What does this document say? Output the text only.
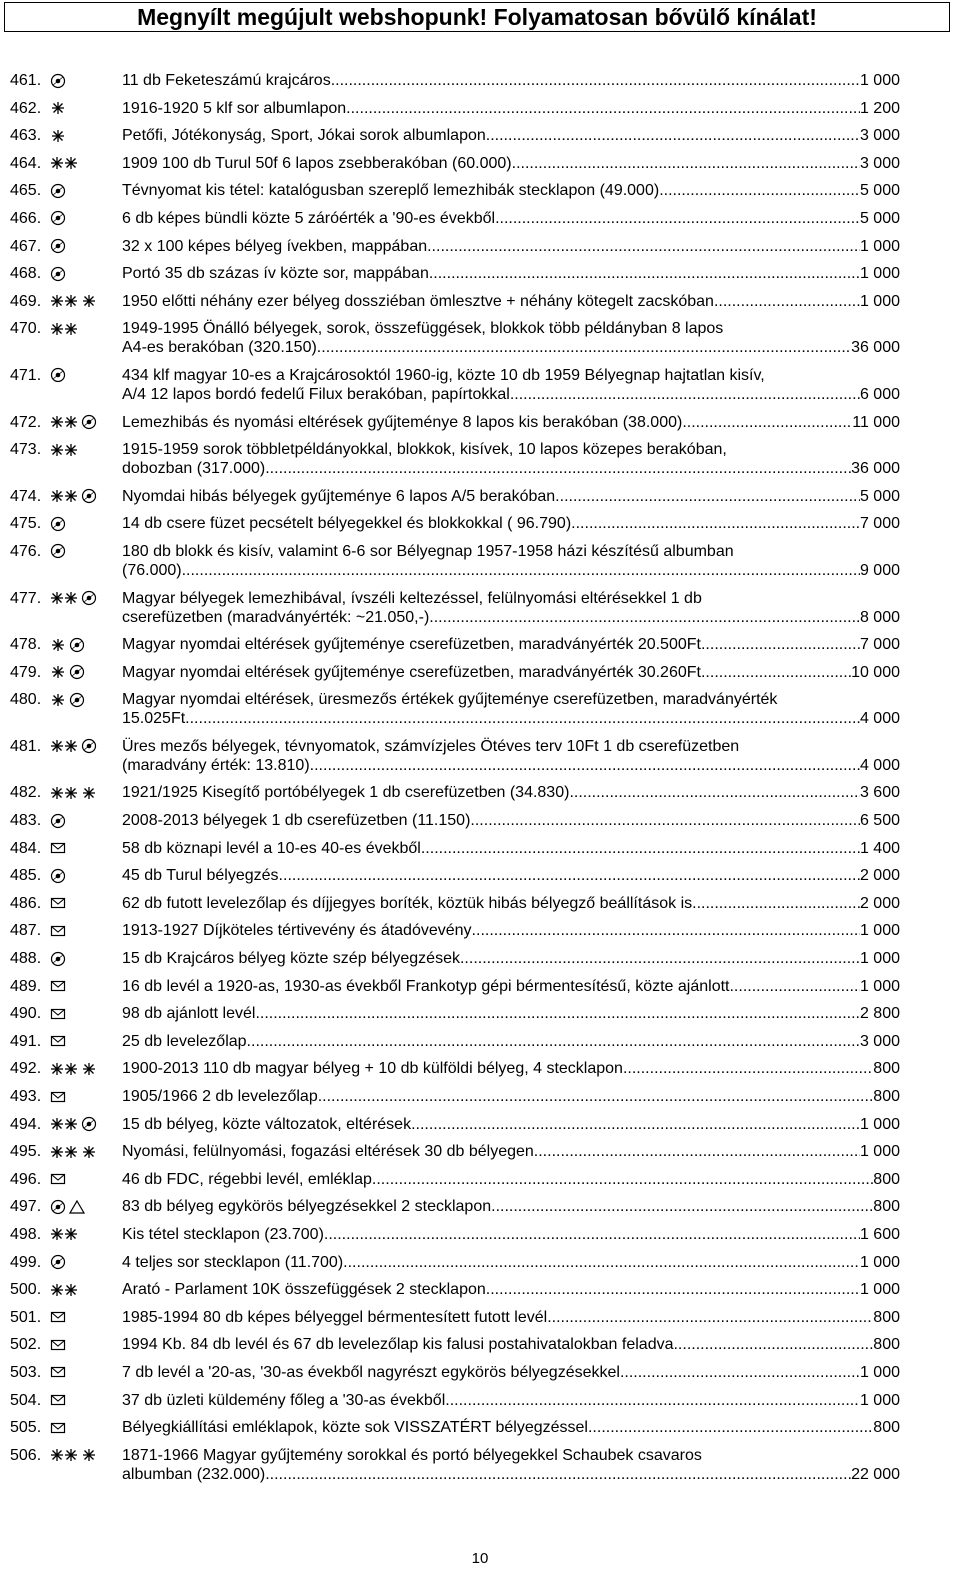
Megnyílt megújult webshopunk! Folyamatosan bővülő kínálat!
461.	11 db Feketeszámú krajcáros .....	1 000
462.	1916-1920 5 klf sor albumlapon .....	1 200
463.	Petőfi, Jótékonyság, Sport, Jókai sorok albumlapon .....	3 000
464.	1909 100 db Turul 50f 6 lapos zsebberakóban (60.000) .....	3 000
465.	Tévnyomat kis tétel: katalógusban szereplő lemezhibák stecklapon (49.000) .....	5 000
466.	6 db képes bündli közte 5 záróérték a '90-es évekből .....	5 000
467.	32 x 100 képes bélyeg ívekben, mappában .....	1 000
468.	Portó 35 db százas ív közte sor, mappában .....	1 000
469.	1950 előtti néhány ezer bélyeg dossziéban ömlesztve + néhány kötegelt zacskóban .....	1 000
470.	1949-1995 Önálló bélyegek, sorok, összefüggések, blokkok több példányban 8 lapos
A4-es berakóban (320.150) .....	36 000
471.	434 klf magyar 10-es a Krajcárosoktól 1960-ig, közte 10 db 1959 Bélyegnap hajtatlan kisív,
A/4 12 lapos bordó fedelű Filux berakóban, papírtokkal .....	6 000
472.	Lemezhibás és nyomási eltérések gyűjteménye 8 lapos kis berakóban (38.000) .....	11 000
473.	1915-1959 sorok többletpéldányokkal, blokkok, kisívek, 10 lapos közepes berakóban,
dobozban (317.000) .....	36 000
474.	Nyomdai hibás bélyegek gyűjteménye 6 lapos A/5 berakóban .....	5 000
475.	14 db csere füzet pecsételt bélyegekkel és blokkokkal ( 96.790) .....	7 000
476.	180 db blokk és kisív, valamint 6-6 sor Bélyegnap 1957-1958 házi készítésű albumban
(76.000) .....	9 000
477.	Magyar bélyegek lemezhibával, ívszéli keltezéssel, felülnyomási eltérésekkel 1 db
cserefüzetben (maradványérték: ~21.050,-) .....	8 000
478.	Magyar nyomdai eltérések gyűjteménye cserefüzetben, maradványérték 20.500Ft. .....	7 000
479.	Magyar nyomdai eltérések gyűjteménye cserefüzetben, maradványérték 30.260Ft. .....	10 000
480.	Magyar nyomdai eltérések, üresmezős értékek gyűjteménye cserefüzetben, maradványérték
15.025Ft. .....	4 000
481.	Üres mezős bélyegek, tévnyomatok, számvízjeles Ötéves terv 10Ft 1 db cserefüzetben
(maradvány érték: 13.810) .....	4 000
482.	1921/1925 Kisegítő portóbélyegek 1 db cserefüzetben (34.830) .....	3 600
483.	2008-2013 bélyegek 1 db cserefüzetben (11.150) .....	6 500
484.	58 db köznapi levél a 10-es 40-es évekből .....	1 400
485.	45 db Turul bélyegzés .....	2 000
486.	62 db futott levelezőlap és díjjegyes boríték, köztük hibás bélyegző beállítások is .....	2 000
487.	1913-1927 Díjköteles tértivevény és átadóvevény .....	1 000
488.	15 db Krajcáros bélyeg közte szép bélyegzések .....	1 000
489.	16 db levél a 1920-as, 1930-as évekből Frankotyp gépi bérmentesítésű, közte ajánlott .....	1 000
490.	98 db ajánlott levél .....	2 800
491.	25 db levelezőlap .....	3 000
492.	1900-2013 110 db magyar bélyeg + 10 db külföldi bélyeg, 4 stecklapon .....	800
493.	1905/1966 2 db levelezőlap .....	800
494.	15 db bélyeg, közte változatok, eltérések .....	1 000
495.	Nyomási, felülnyomási, fogazási eltérések 30 db bélyegen .....	1 000
496.	46 db FDC, régebbi levél, emléklap .....	800
497.	83 db bélyeg egykörös bélyegzésekkel 2 stecklapon .....	800
498.	Kis tétel stecklapon (23.700) .....	1 600
499.	4 teljes sor stecklapon (11.700) .....	1 000
500.	Arató - Parlament 10K összefüggések 2 stecklapon .....	1 000
501.	1985-1994 80 db képes bélyeggel bérmentesített futott levél .....	800
502.	1994 Kb. 84 db levél és 67 db levelezőlap kis falusi postahivatalokban feladva .....	800
503.	7 db levél a '20-as, '30-as évekből nagyrészt egykörös bélyegzésekkel .....	1 000
504.	37 db üzleti küldemény főleg a '30-as évekből .....	1 000
505.	Bélyegkiállítási emléklapok, közte sok VISSZATÉRT bélyegzéssel .....	800
506.	1871-1966 Magyar gyűjtemény sorokkal és portó bélyegekkel Schaubek csavaros
albumban (232.000) .....	22 000
10
